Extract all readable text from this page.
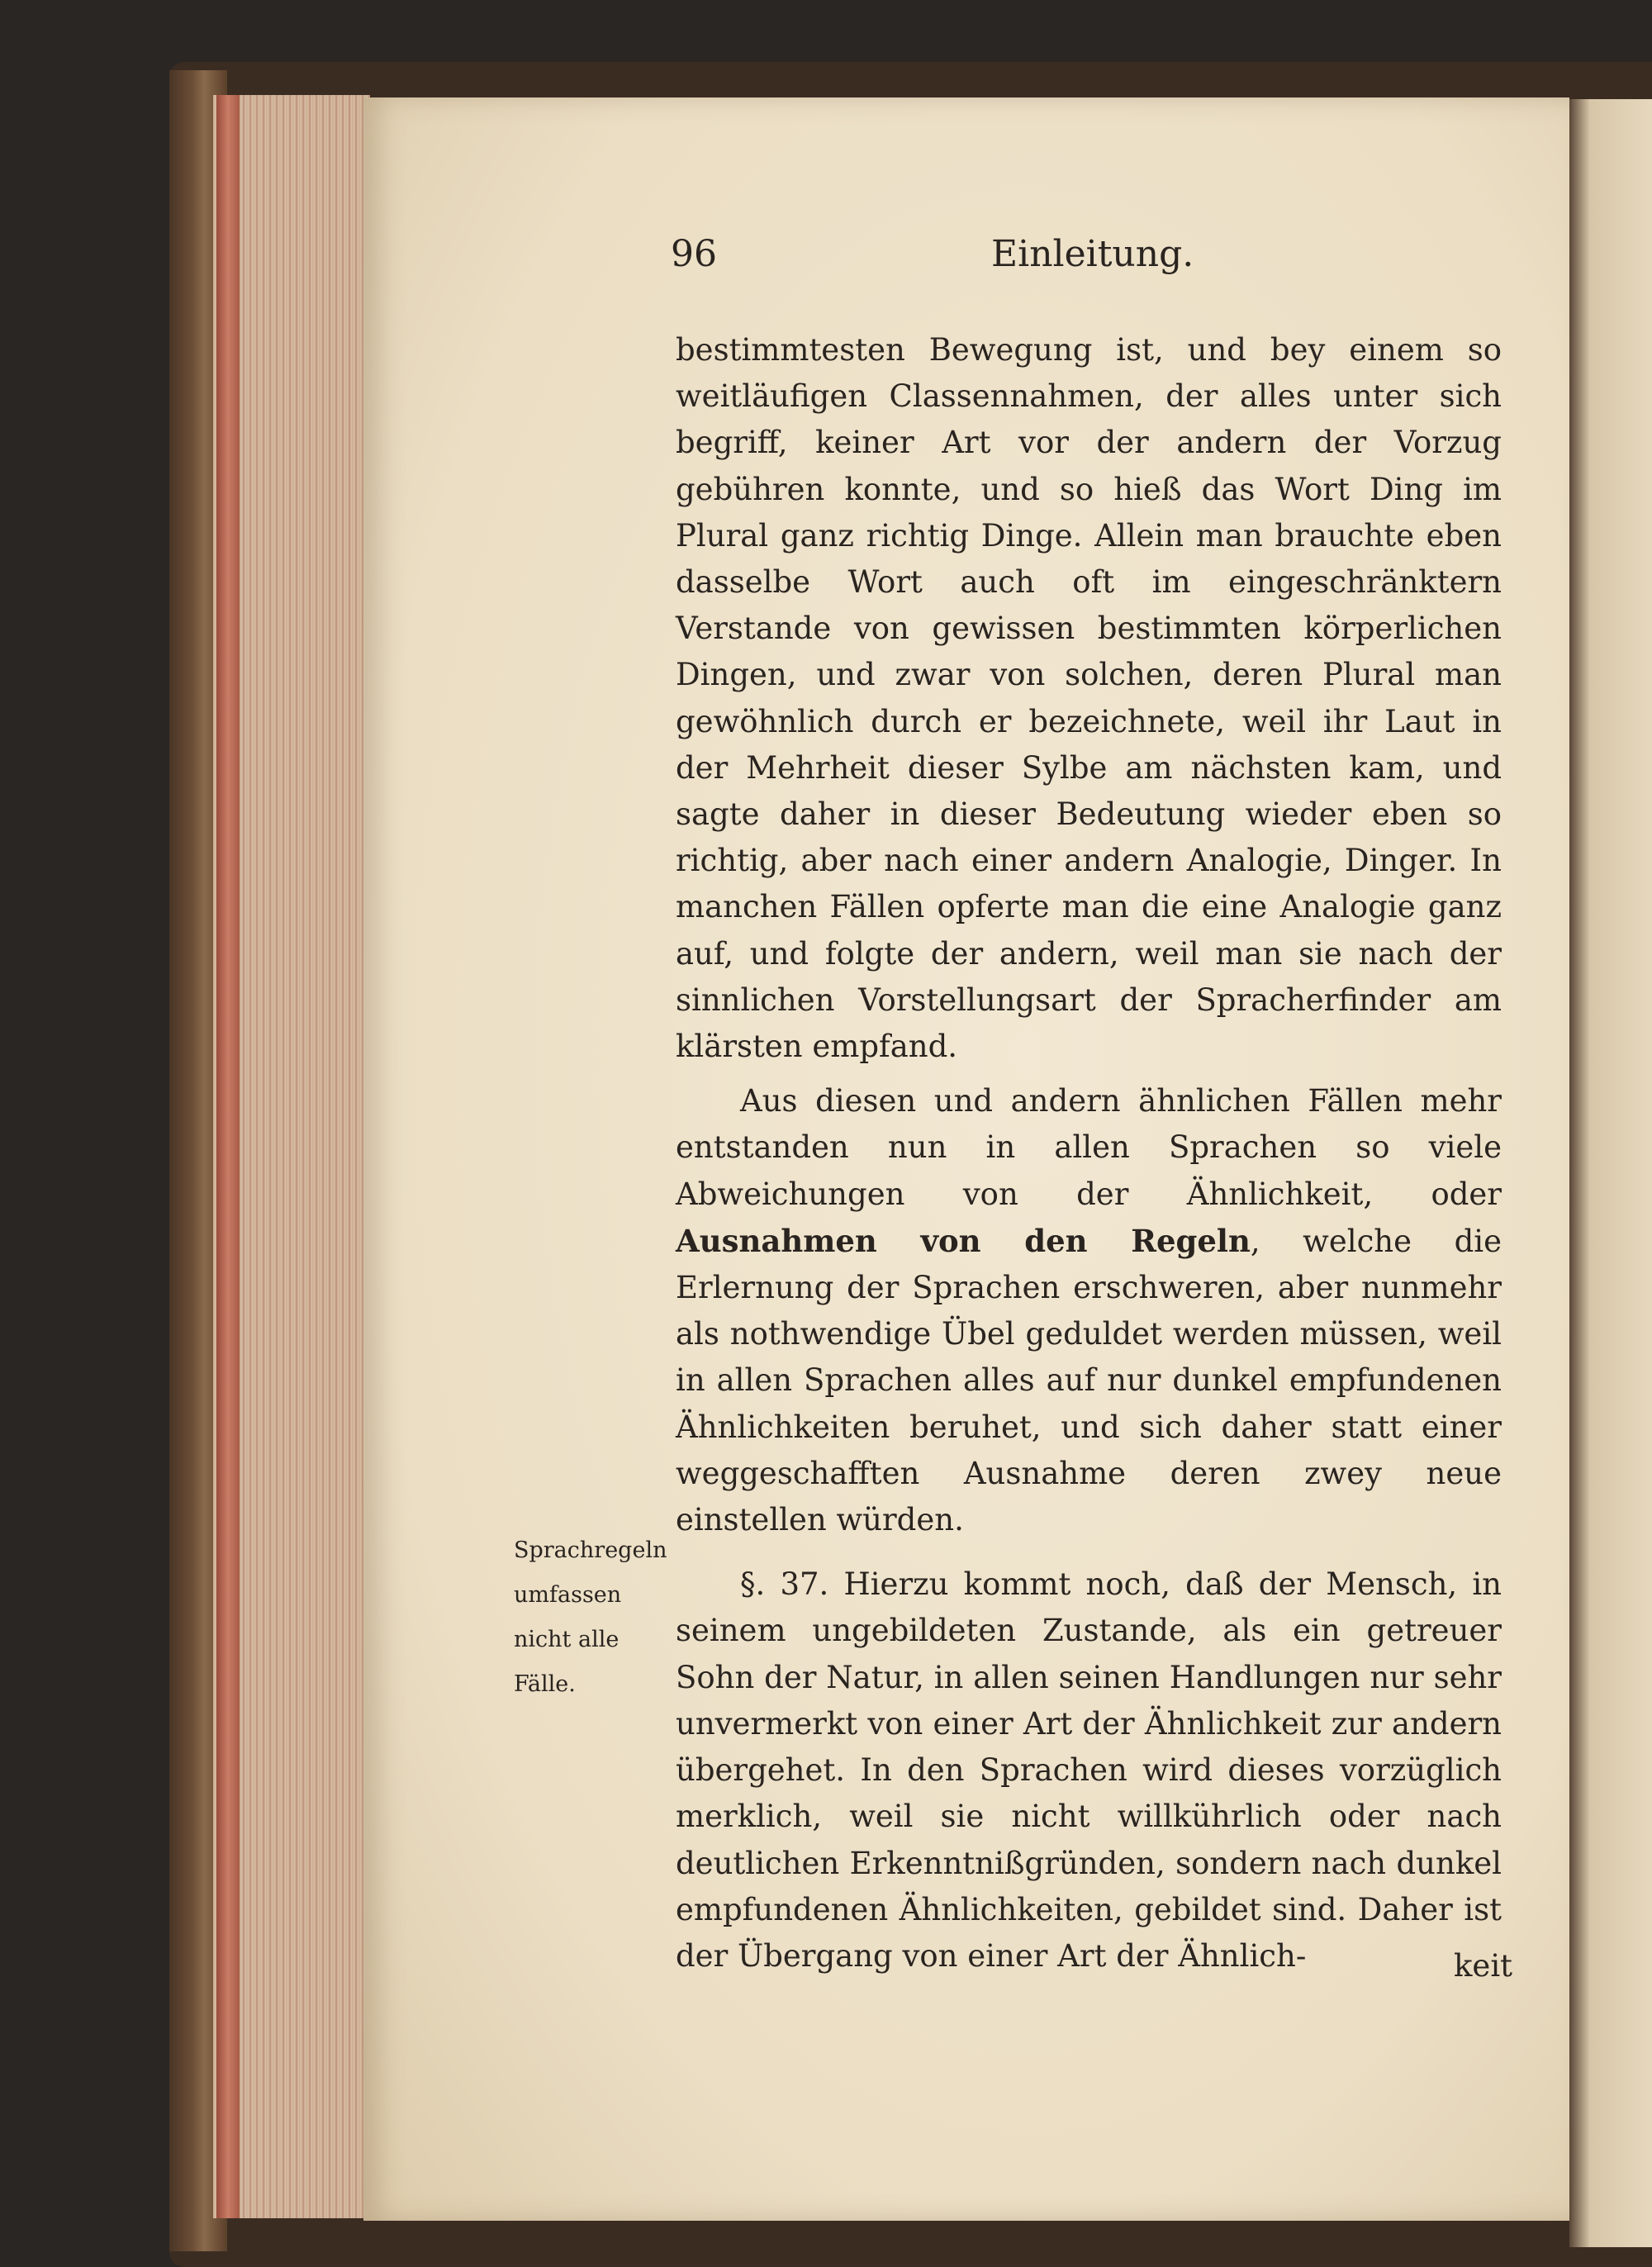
96	Einleitung.

bestimmtesten Bewegung ist, und bey einem so weitläufigen Classennahmen, der alles unter sich begriff, keiner Art vor der andern der Vorzug gebühren konnte, und so hieß das Wort Ding im Plural ganz richtig Dinge. Allein man brauchte eben dasselbe Wort auch oft im eingeschränktern Verstande von gewissen bestimmten körperlichen Dingen, und zwar von solchen, deren Plural man gewöhnlich durch er bezeichnete, weil ihr Laut in der Mehrheit dieser Sylbe am nächsten kam, und sagte daher in dieser Bedeutung wieder eben so richtig, aber nach einer andern Analogie, Dinger. In manchen Fällen opferte man die eine Analogie ganz auf, und folgte der andern, weil man sie nach der sinnlichen Vorstellungsart der Spracherfinder am klärsten empfand.

Aus diesen und andern ähnlichen Fällen mehr entstanden nun in allen Sprachen so viele Abweichungen von der Ähnlichkeit, oder Ausnahmen von den Regeln, welche die Erlernung der Sprachen erschweren, aber nunmehr als nothwendige Übel geduldet werden müssen, weil in allen Sprachen alles auf nur dunkel empfundenen Ähnlichkeiten beruhet, und sich daher statt einer weggeschafften Ausnahme deren zwey neue einstellen würden.

§. 37. Hierzu kommt noch, daß der Mensch, in seinem ungebildeten Zustande, als ein getreuer Sohn der Natur, in allen seinen Handlungen nur sehr unvermerkt von einer Art der Ähnlichkeit zur andern übergehet. In den Sprachen wird dieses vorzüglich merklich, weil sie nicht willkührlich oder nach deutlichen Erkenntnißgründen, sondern nach dunkel empfundenen Ähnlichkeiten, gebildet sind. Daher ist der Übergang von einer Art der Ähnlich-

Sprachregeln umfassen nicht alle Fälle.
keit
